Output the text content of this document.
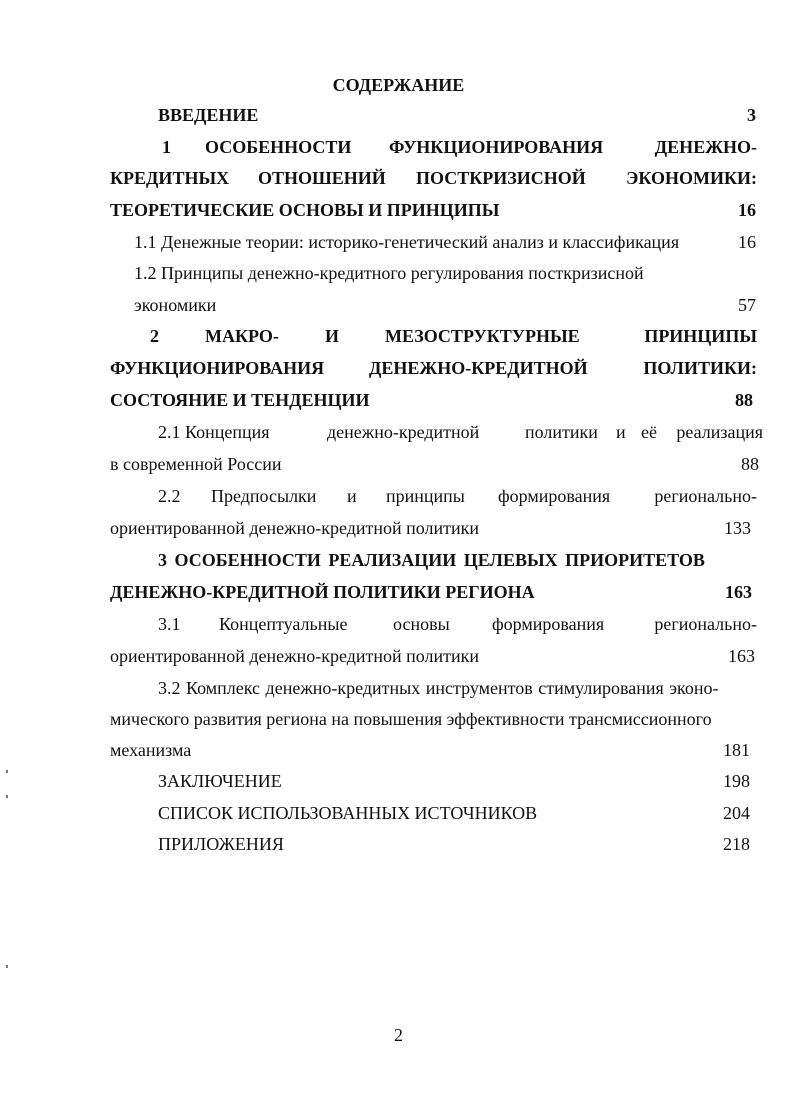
СОДЕРЖАНИЕ
ВВЕДЕНИЕ	3
1 ОСОБЕННОСТИ ФУНКЦИОНИРОВАНИЯ	ДЕНЕЖНО-
КРЕДИТНЫХ ОТНОШЕНИЙ ПОСТКРИЗИСНОЙ ЭКОНОМИКИ:
ТЕОРЕТИЧЕСКИЕ ОСНОВЫ И ПРИНЦИПЫ	16
1.1 Денежные теории: историко-генетический анализ и классификация	16
1.2 Принципы денежно-кредитного регулирования посткризисной
экономики	57
2	МАКРО-	И	МЕЗОСТРУКТУРНЫЕ	ПРИНЦИПЫ
ФУНКЦИОНИРОВАНИЯ ДЕНЕЖНО-КРЕДИТНОЙ	ПОЛИТИКИ:
СОСТОЯНИЕ И ТЕНДЕНЦИИ	88
2.1 Концепция	денежно-кредитной	политики и её реализация
в современной России	88
2.2 Предпосылки и принципы формирования регионально-
ориентированной денежно-кредитной политики	133
3 ОСОБЕННОСТИ РЕАЛИЗАЦИИ ЦЕЛЕВЫХ ПРИОРИТЕТОВ
ДЕНЕЖНО-КРЕДИТНОЙ ПОЛИТИКИ РЕГИОНА	163
3.1 Концептуальные	основы формирования	регионально-
ориентированной денежно-кредитной политики	163
3.2 Комплекс денежно-кредитных инструментов стимулирования эконо-
мического развития региона на повышения эффективности трансмиссионного
механизма	181
ЗАКЛЮЧЕНИЕ	198
СПИСОК ИСПОЛЬЗОВАННЫХ ИСТОЧНИКОВ	204
ПРИЛОЖЕНИЯ	218
2
